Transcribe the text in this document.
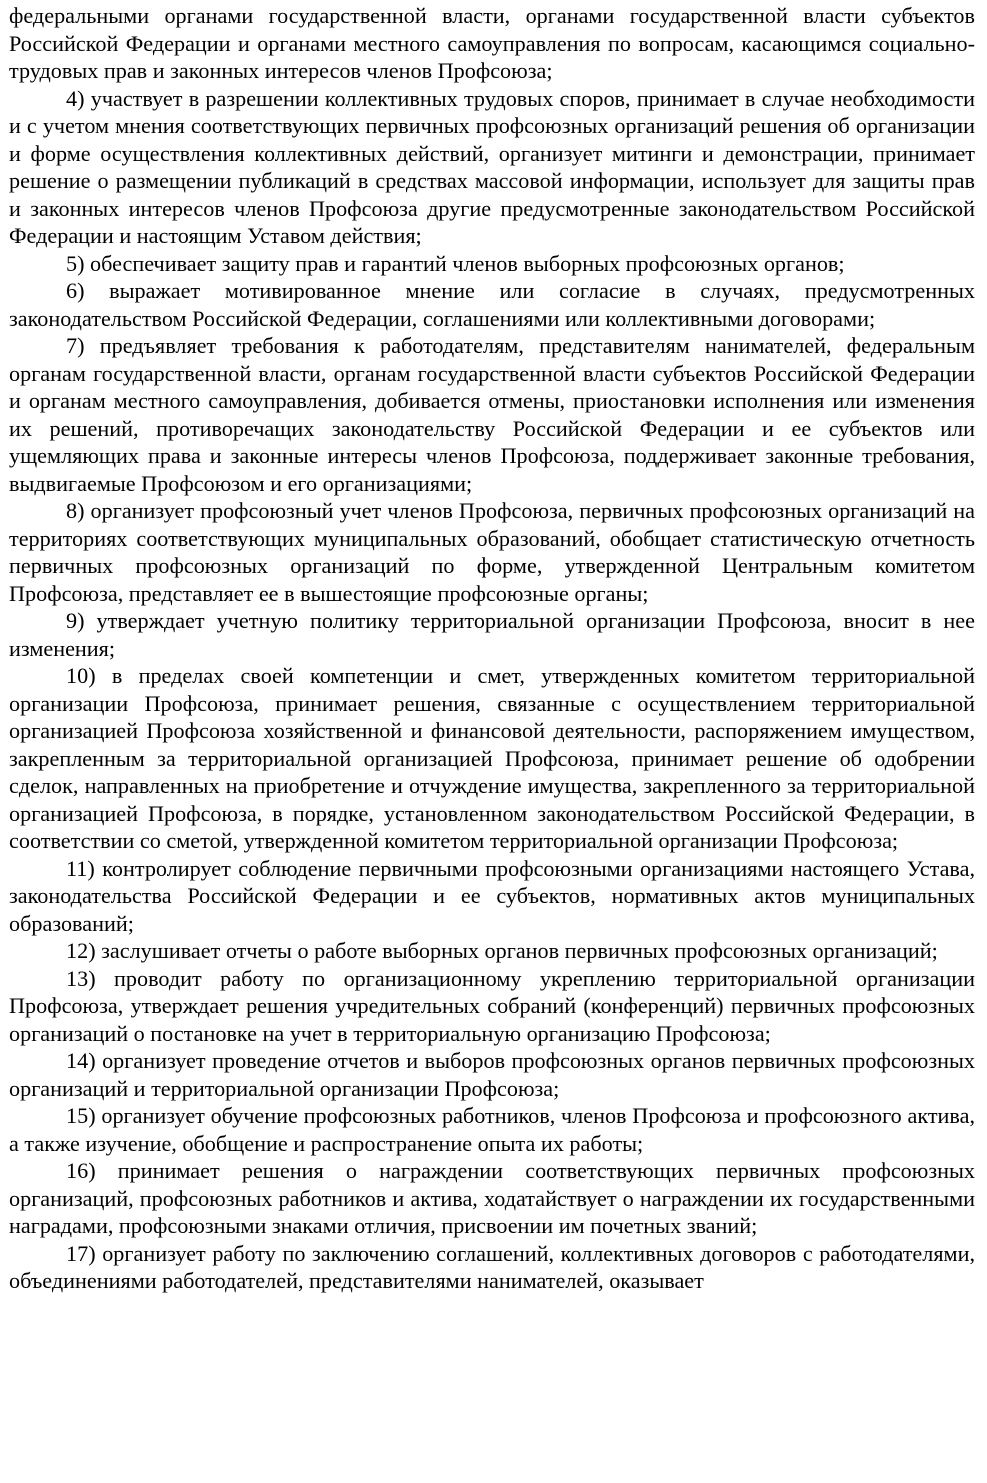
федеральными органами государственной власти, органами государственной власти субъектов Российской Федерации и органами местного самоуправления по вопросам, касающимся социально-трудовых прав и законных интересов членов Профсоюза;

4) участвует в разрешении коллективных трудовых споров, принимает в случае необходимости и с учетом мнения соответствующих первичных профсоюзных организаций решения об организации и форме осуществления коллективных действий, организует митинги и демонстрации, принимает решение о размещении публикаций в средствах массовой информации, использует для защиты прав и законных интересов членов Профсоюза другие предусмотренные законодательством Российской Федерации и настоящим Уставом действия;

5) обеспечивает защиту прав и гарантий членов выборных профсоюзных органов;

6) выражает мотивированное мнение или согласие в случаях, предусмотренных законодательством Российской Федерации, соглашениями или коллективными договорами;

7) предъявляет требования к работодателям, представителям нанимателей, федеральным органам государственной власти, органам государственной власти субъектов Российской Федерации и органам местного самоуправления, добивается отмены, приостановки исполнения или изменения их решений, противоречащих законодательству Российской Федерации и ее субъектов или ущемляющих права и законные интересы членов Профсоюза, поддерживает законные требования, выдвигаемые Профсоюзом и его организациями;

8) организует профсоюзный учет членов Профсоюза, первичных профсоюзных организаций на территориях соответствующих муниципальных образований, обобщает статистическую отчетность первичных профсоюзных организаций по форме, утвержденной Центральным комитетом Профсоюза, представляет ее в вышестоящие профсоюзные органы;

9) утверждает учетную политику территориальной организации Профсоюза, вносит в нее изменения;

10) в пределах своей компетенции и смет, утвержденных комитетом территориальной организации Профсоюза, принимает решения, связанные с осуществлением территориальной организацией Профсоюза хозяйственной и финансовой деятельности, распоряжением имуществом, закрепленным за территориальной организацией Профсоюза, принимает решение об одобрении сделок, направленных на приобретение и отчуждение имущества, закрепленного за территориальной организацией Профсоюза, в порядке, установленном законодательством Российской Федерации, в соответствии со сметой, утвержденной комитетом территориальной организации Профсоюза;

11) контролирует соблюдение первичными профсоюзными организациями настоящего Устава, законодательства Российской Федерации и ее субъектов, нормативных актов муниципальных образований;

12) заслушивает отчеты о работе выборных органов первичных профсоюзных организаций;

13) проводит работу по организационному укреплению территориальной организации Профсоюза, утверждает решения учредительных собраний (конференций) первичных профсоюзных организаций о постановке на учет в территориальную организацию Профсоюза;

14) организует проведение отчетов и выборов профсоюзных органов первичных профсоюзных организаций и территориальной организации Профсоюза;

15) организует обучение профсоюзных работников, членов Профсоюза и профсоюзного актива, а также изучение, обобщение и распространение опыта их работы;

16) принимает решения о награждении соответствующих первичных профсоюзных организаций, профсоюзных работников и актива, ходатайствует о награждении их государственными наградами, профсоюзными знаками отличия, присвоении им почетных званий;

17) организует работу по заключению соглашений, коллективных договоров с работодателями, объединениями работодателей, представителями нанимателей, оказывает
